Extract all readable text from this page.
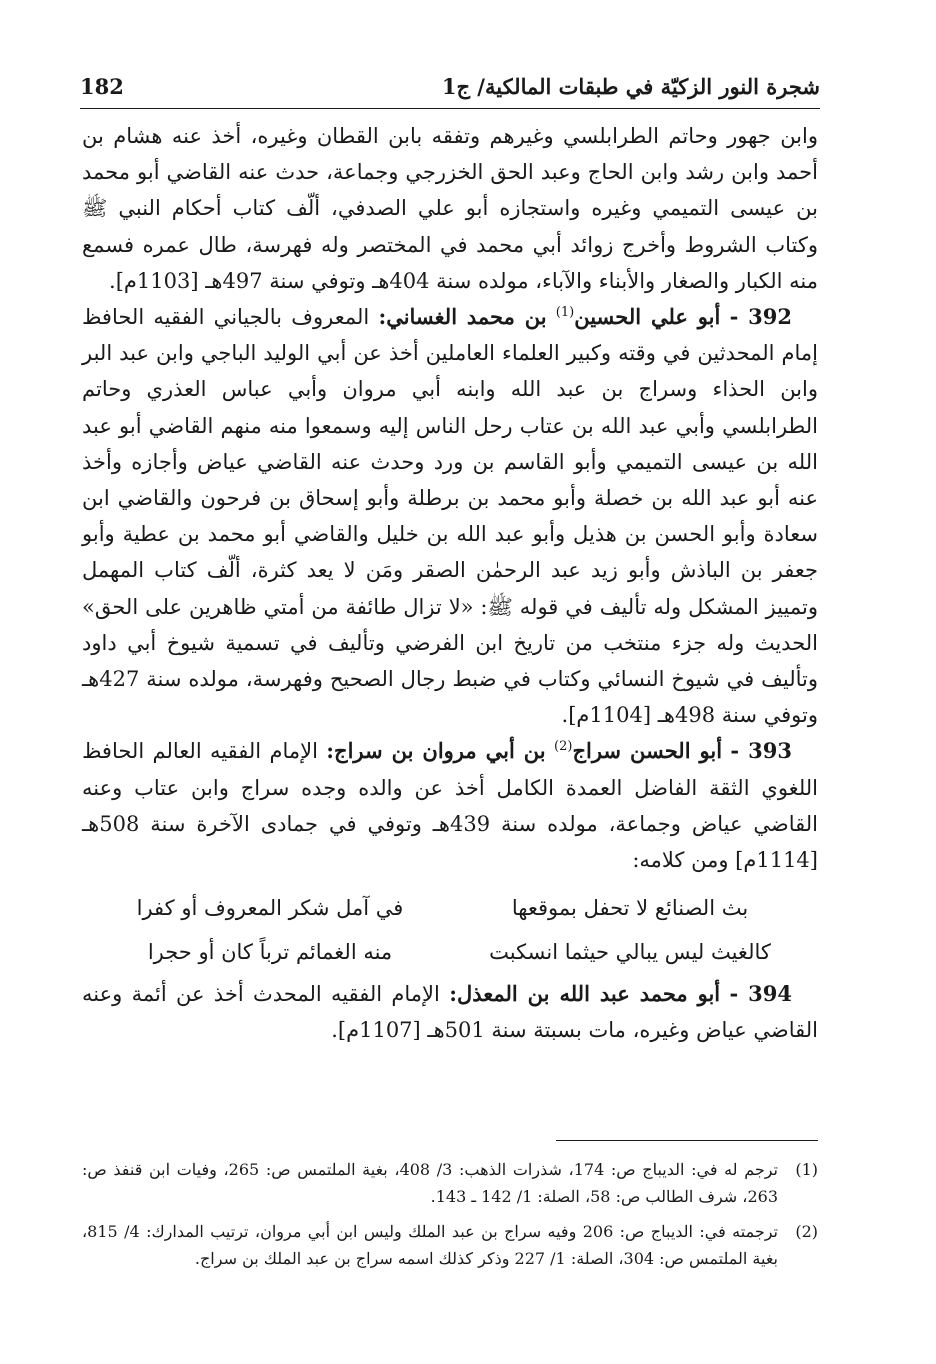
182	شجرة النور الزكيّة في طبقات المالكية/ ج1

وابن جهور وحاتم الطرابلسي وغيرهم وتفقه بابن القطان وغيره، أخذ عنه هشام بن أحمد وابن رشد وابن الحاج وعبد الحق الخزرجي وجماعة، حدث عنه القاضي أبو محمد بن عيسى التميمي وغيره واستجازه أبو علي الصدفي، ألّف كتاب أحكام النبي ﷺ وكتاب الشروط وأخرج زوائد أبي محمد في المختصر وله فهرسة، طال عمره فسمع منه الكبار والصغار والأبناء والآباء، مولده سنة 404هـ وتوفي سنة 497هـ [1103م].

392 - أبو علي الحسين$^{(1)}$ بن محمد الغساني: المعروف بالجياني الفقيه الحافظ إمام المحدثين في وقته وكبير العلماء العاملين أخذ عن أبي الوليد الباجي وابن عبد البر وابن الحذاء وسراج بن عبد الله وابنه أبي مروان وأبي عباس العذري وحاتم الطرابلسي وأبي عبد الله بن عتاب رحل الناس إليه وسمعوا منه منهم القاضي أبو عبد الله بن عيسى التميمي وأبو القاسم بن ورد وحدث عنه القاضي عياض وأجازه وأخذ عنه أبو عبد الله بن خصلة وأبو محمد بن برطلة وأبو إسحاق بن فرحون والقاضي ابن سعادة وأبو الحسن بن هذيل وأبو عبد الله بن خليل والقاضي أبو محمد بن عطية وأبو جعفر بن الباذش وأبو زيد عبد الرحمٰن الصقر ومَن لا يعد كثرة، ألّف كتاب المهمل وتمييز المشكل وله تأليف في قوله ﷺ: «لا تزال طائفة من أمتي ظاهرين على الحق» الحديث وله جزء منتخب من تاريخ ابن الفرضي وتأليف في تسمية شيوخ أبي داود وتأليف في شيوخ النسائي وكتاب في ضبط رجال الصحيح وفهرسة، مولده سنة 427هـ وتوفي سنة 498هـ [1104م].

393 - أبو الحسن سراج$^{(2)}$ بن أبي مروان بن سراج: الإمام الفقيه العالم الحافظ اللغوي الثقة الفاضل العمدة الكامل أخذ عن والده وجده سراج وابن عتاب وعنه القاضي عياض وجماعة، مولده سنة 439هـ وتوفي في جمادى الآخرة سنة 508هـ [1114م] ومن كلامه:

بث الصنائع لا تحفل بموقعها
في آمل شكر المعروف أو كفرا
كالغيث ليس يبالي حيثما انسكبت
منه الغمائم ترباً كان أو حجرا

394 - أبو محمد عبد الله بن المعذل: الإمام الفقيه المحدث أخذ عن أئمة وعنه القاضي عياض وغيره، مات بسبتة سنة 501هـ [1107م].

(1)
ترجم له في: الديباج ص: 174، شذرات الذهب: 3/ 408، بغية الملتمس ص: 265، وفيات ابن قنفذ ص: 263، شرف الطالب ص: 58، الصلة: 1/ 142 ـ 143.
(2)
ترجمته في: الديباج ص: 206 وفيه سراج بن عبد الملك وليس ابن أبي مروان، ترتيب المدارك: 4/ 815، بغية الملتمس ص: 304، الصلة: 1/ 227 وذكر كذلك اسمه سراج بن عبد الملك بن سراج.
